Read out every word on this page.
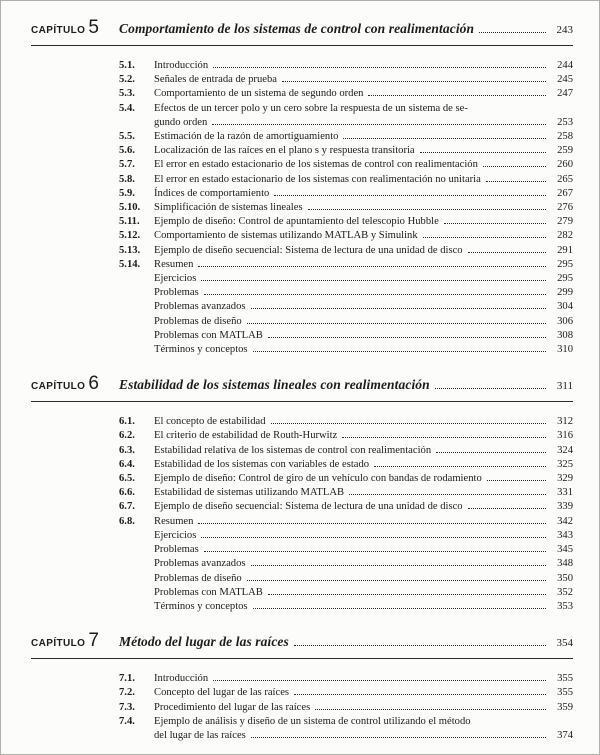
CAPÍTULO 5	Comportamiento de los sistemas de control con realimentación	243
5.1.	Introducción	244
5.2.	Señales de entrada de prueba	245
5.3.	Comportamiento de un sistema de segundo orden	247
5.4.	Efectos de un tercer polo y un cero sobre la respuesta de un sistema de se-
gundo orden	253
5.5.	Estimación de la razón de amortiguamiento	258
5.6.	Localización de las raíces en el plano s y respuesta transitoria	259
5.7.	El error en estado estacionario de los sistemas de control con realimentación	260
5.8.	El error en estado estacionario de los sistemas con realimentación no unitaria	265
5.9.	Índices de comportamiento	267
5.10.	Simplificación de sistemas lineales	276
5.11.	Ejemplo de diseño: Control de apuntamiento del telescopio Hubble	279
5.12.	Comportamiento de sistemas utilizando MATLAB y Simulink	282
5.13.	Ejemplo de diseño secuencial: Sistema de lectura de una unidad de disco	291
5.14.	Resumen	295
Ejercicios	295
Problemas	299
Problemas avanzados	304
Problemas de diseño	306
Problemas con MATLAB	308
Términos y conceptos	310
CAPÍTULO 6	Estabilidad de los sistemas lineales con realimentación	311
6.1.	El concepto de estabilidad	312
6.2.	El criterio de estabilidad de Routh-Hurwitz	316
6.3.	Estabilidad relativa de los sistemas de control con realimentación	324
6.4.	Estabilidad de los sistemas con variables de estado	325
6.5.	Ejemplo de diseño: Control de giro de un vehículo con bandas de rodamiento	329
6.6.	Estabilidad de sistemas utilizando MATLAB	331
6.7.	Ejemplo de diseño secuencial: Sistema de lectura de una unidad de disco	339
6.8.	Resumen	342
Ejercicios	343
Problemas	345
Problemas avanzados	348
Problemas de diseño	350
Problemas con MATLAB	352
Términos y conceptos	353
CAPÍTULO 7	Método del lugar de las raíces	354
7.1.	Introducción	355
7.2.	Concepto del lugar de las raíces	355
7.3.	Procedimiento del lugar de las raíces	359
7.4.	Ejemplo de análisis y diseño de un sistema de control utilizando el método
del lugar de las raíces	374
